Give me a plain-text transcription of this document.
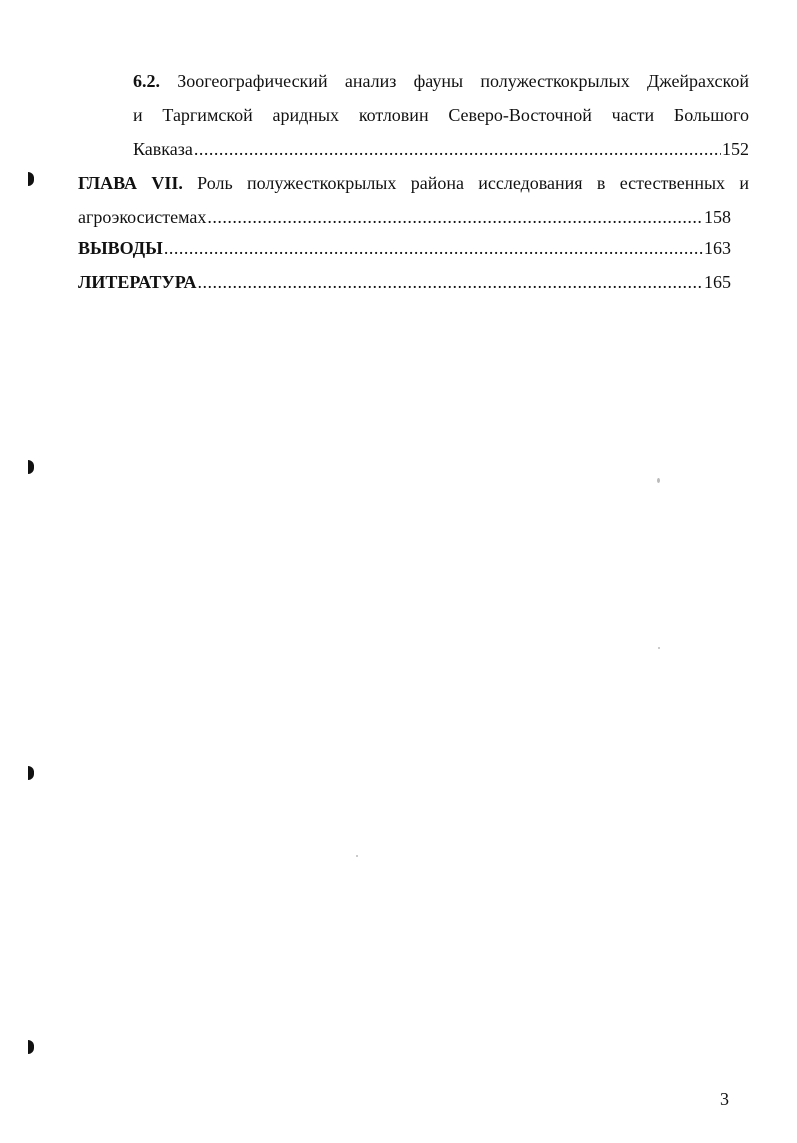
6.2. Зоогеографический анализ фауны полужесткокрылых Джейрахской
и Таргимской аридных котловин Северо-Восточной части Большого
Кавказа .....	152
ГЛАВА VII. Роль полужесткокрылых района исследования в естественных и
агроэкосистемах .....	158
ВЫВОДЫ .....	163
ЛИТЕРАТУРА .....	165
3
